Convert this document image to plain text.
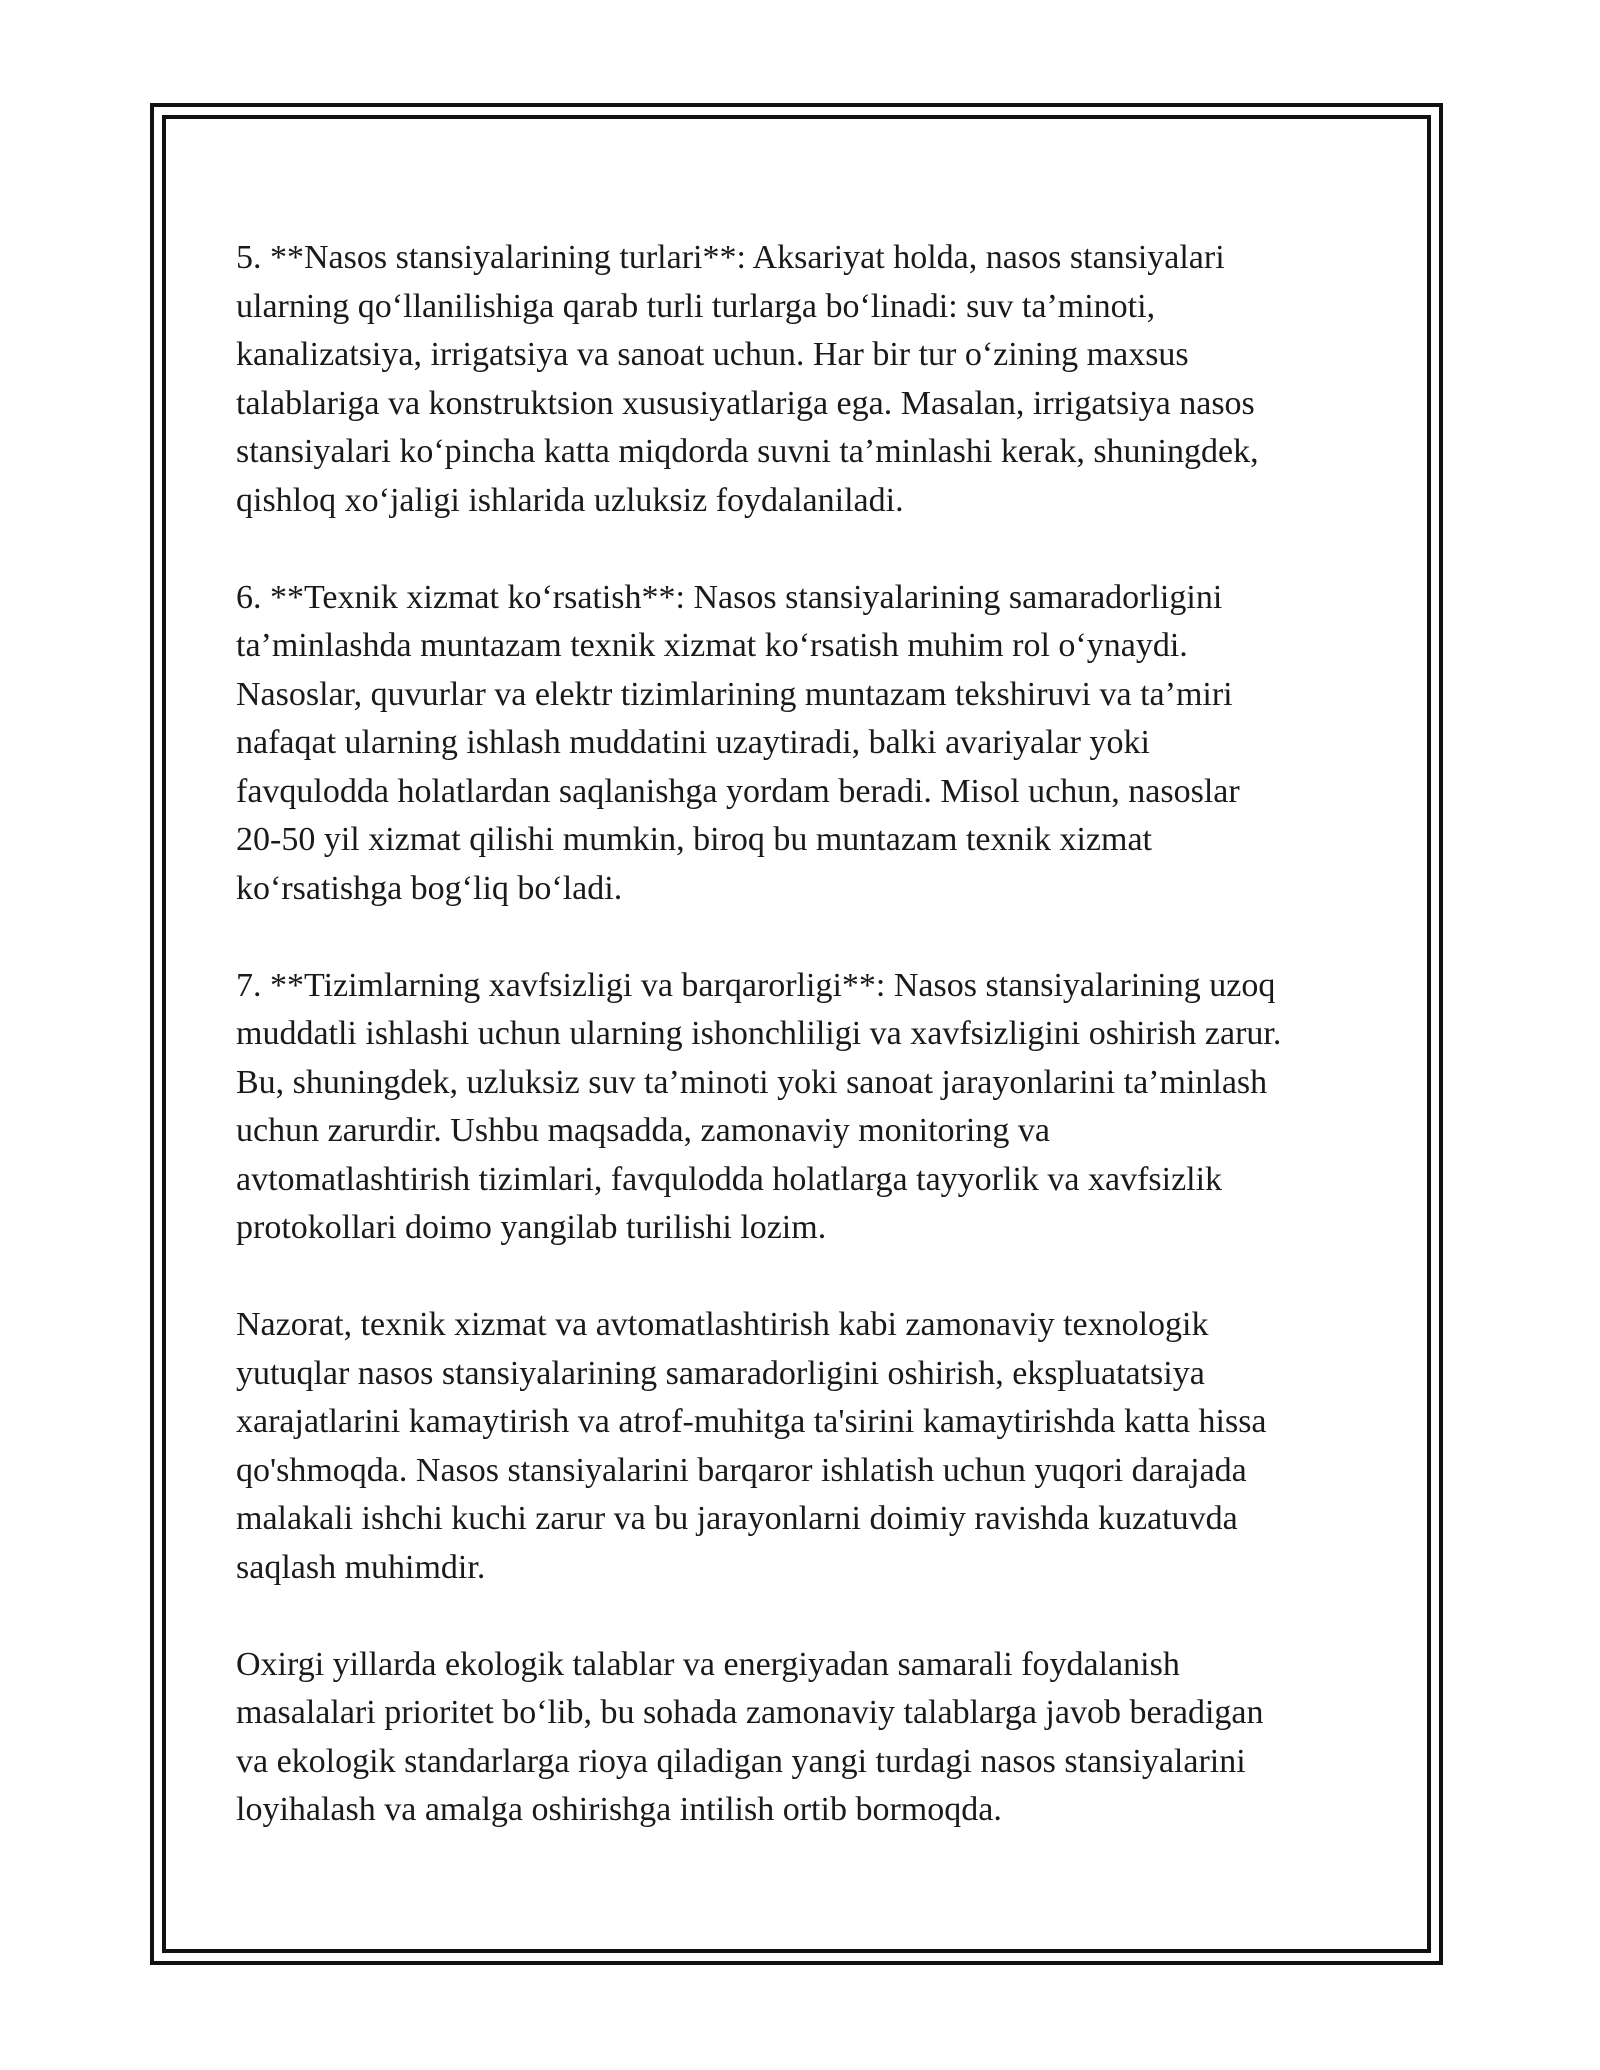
5. **Nasos stansiyalarining turlari**: Aksariyat holda, nasos stansiyalari
ularning qo‘llanilishiga qarab turli turlarga bo‘linadi: suv ta’minoti,
kanalizatsiya, irrigatsiya va sanoat uchun. Har bir tur o‘zining maxsus
talablariga va konstruktsion xususiyatlariga ega. Masalan, irrigatsiya nasos
stansiyalari ko‘pincha katta miqdorda suvni ta’minlashi kerak, shuningdek,
qishloq xo‘jaligi ishlarida uzluksiz foydalaniladi.

6. **Texnik xizmat ko‘rsatish**: Nasos stansiyalarining samaradorligini
ta’minlashda muntazam texnik xizmat ko‘rsatish muhim rol o‘ynaydi.
Nasoslar, quvurlar va elektr tizimlarining muntazam tekshiruvi va ta’miri
nafaqat ularning ishlash muddatini uzaytiradi, balki avariyalar yoki
favqulodda holatlardan saqlanishga yordam beradi. Misol uchun, nasoslar
20-50 yil xizmat qilishi mumkin, biroq bu muntazam texnik xizmat
ko‘rsatishga bog‘liq bo‘ladi.

7. **Tizimlarning xavfsizligi va barqarorligi**: Nasos stansiyalarining uzoq
muddatli ishlashi uchun ularning ishonchliligi va xavfsizligini oshirish zarur.
Bu, shuningdek, uzluksiz suv ta’minoti yoki sanoat jarayonlarini ta’minlash
uchun zarurdir. Ushbu maqsadda, zamonaviy monitoring va
avtomatlashtirish tizimlari, favqulodda holatlarga tayyorlik va xavfsizlik
protokollari doimo yangilab turilishi lozim.

Nazorat, texnik xizmat va avtomatlashtirish kabi zamonaviy texnologik
yutuqlar nasos stansiyalarining samaradorligini oshirish, ekspluatatsiya
xarajatlarini kamaytirish va atrof-muhitga ta'sirini kamaytirishda katta hissa
qo'shmoqda. Nasos stansiyalarini barqaror ishlatish uchun yuqori darajada
malakali ishchi kuchi zarur va bu jarayonlarni doimiy ravishda kuzatuvda
saqlash muhimdir.

Oxirgi yillarda ekologik talablar va energiyadan samarali foydalanish
masalalari prioritet bo‘lib, bu sohada zamonaviy talablarga javob beradigan
va ekologik standarlarga rioya qiladigan yangi turdagi nasos stansiyalarini
loyihalash va amalga oshirishga intilish ortib bormoqda.
